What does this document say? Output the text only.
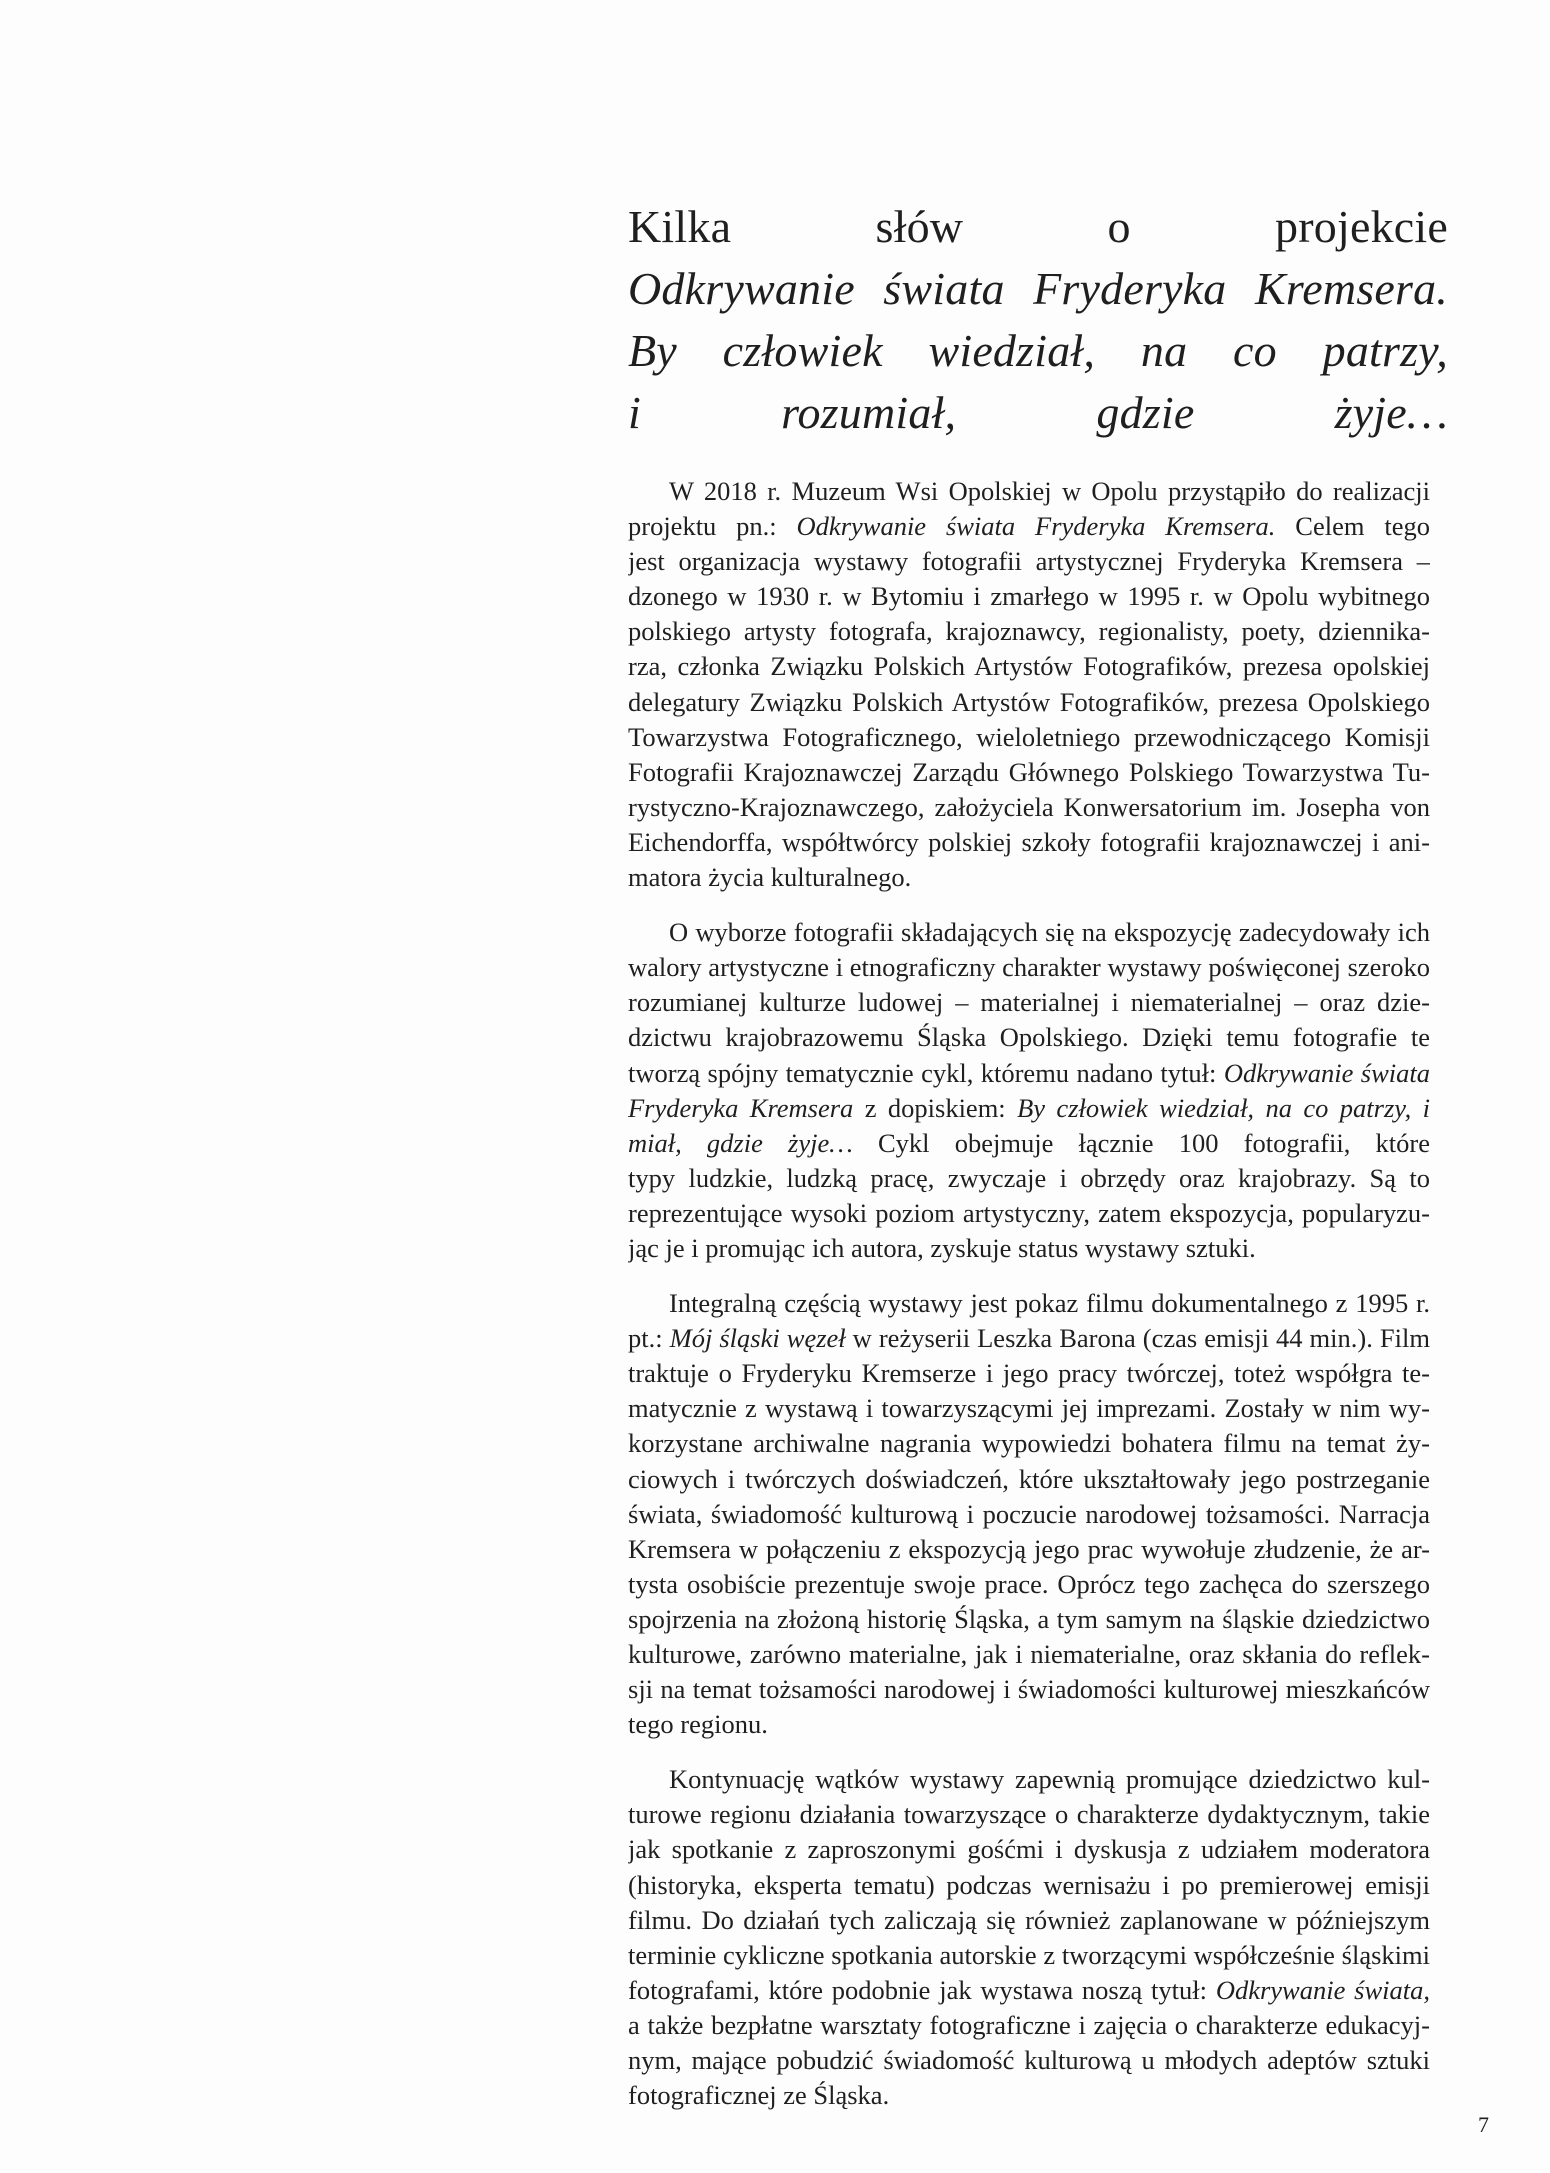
Kilka słów o projekcie
Odkrywanie świata Fryderyka Kremsera.
By człowiek wiedział, na co patrzy,
i rozumiał, gdzie żyje…
W 2018 r. Muzeum Wsi Opolskiej w Opolu przystąpiło do realizacji
projektu pn.: Odkrywanie świata Fryderyka Kremsera. Celem tego
jest organizacja wystawy fotografii artystycznej Fryderyka Kremsera –
dzonego w 1930 r. w Bytomiu i zmarłego w 1995 r. w Opolu wybitnego
polskiego artysty fotografa, krajoznawcy, regionalisty, poety, dziennika-
rza, członka Związku Polskich Artystów Fotografików, prezesa opolskiej
delegatury Związku Polskich Artystów Fotografików, prezesa Opolskiego
Towarzystwa Fotograficznego, wieloletniego przewodniczącego Komisji
Fotografii Krajoznawczej Zarządu Głównego Polskiego Towarzystwa Tu-
rystyczno-Krajoznawczego, założyciela Konwersatorium im. Josepha von
Eichendorffa, współtwórcy polskiej szkoły fotografii krajoznawczej i ani-
matora życia kulturalnego.
O wyborze fotografii składających się na ekspozycję zadecydowały ich
walory artystyczne i etnograficzny charakter wystawy poświęconej szeroko
rozumianej kulturze ludowej – materialnej i niematerialnej – oraz dzie-
dzictwu krajobrazowemu Śląska Opolskiego. Dzięki temu fotografie te
tworzą spójny tematycznie cykl, któremu nadano tytuł: Odkrywanie świata
Fryderyka Kremsera z dopiskiem: By człowiek wiedział, na co patrzy, i
miał, gdzie żyje… Cykl obejmuje łącznie 100 fotografii, które
typy ludzkie, ludzką pracę, zwyczaje i obrzędy oraz krajobrazy. Są to
reprezentujące wysoki poziom artystyczny, zatem ekspozycja, popularyzu-
jąc je i promując ich autora, zyskuje status wystawy sztuki.
Integralną częścią wystawy jest pokaz filmu dokumentalnego z 1995 r.
pt.: Mój śląski węzeł w reżyserii Leszka Barona (czas emisji 44 min.). Film
traktuje o Fryderyku Kremserze i jego pracy twórczej, toteż współgra te-
matycznie z wystawą i towarzyszącymi jej imprezami. Zostały w nim wy-
korzystane archiwalne nagrania wypowiedzi bohatera filmu na temat ży-
ciowych i twórczych doświadczeń, które ukształtowały jego postrzeganie
świata, świadomość kulturową i poczucie narodowej tożsamości. Narracja
Kremsera w połączeniu z ekspozycją jego prac wywołuje złudzenie, że ar-
tysta osobiście prezentuje swoje prace. Oprócz tego zachęca do szerszego
spojrzenia na złożoną historię Śląska, a tym samym na śląskie dziedzictwo
kulturowe, zarówno materialne, jak i niematerialne, oraz skłania do reflek-
sji na temat tożsamości narodowej i świadomości kulturowej mieszkańców
tego regionu.
Kontynuację wątków wystawy zapewnią promujące dziedzictwo kul-
turowe regionu działania towarzyszące o charakterze dydaktycznym, takie
jak spotkanie z zaproszonymi gośćmi i dyskusja z udziałem moderatora
(historyka, eksperta tematu) podczas wernisażu i po premierowej emisji
filmu. Do działań tych zaliczają się również zaplanowane w późniejszym
terminie cykliczne spotkania autorskie z tworzącymi współcześnie śląskimi
fotografami, które podobnie jak wystawa noszą tytuł: Odkrywanie świata,
a także bezpłatne warsztaty fotograficzne i zajęcia o charakterze edukacyj-
nym, mające pobudzić świadomość kulturową u młodych adeptów sztuki
fotograficznej ze Śląska.
7
